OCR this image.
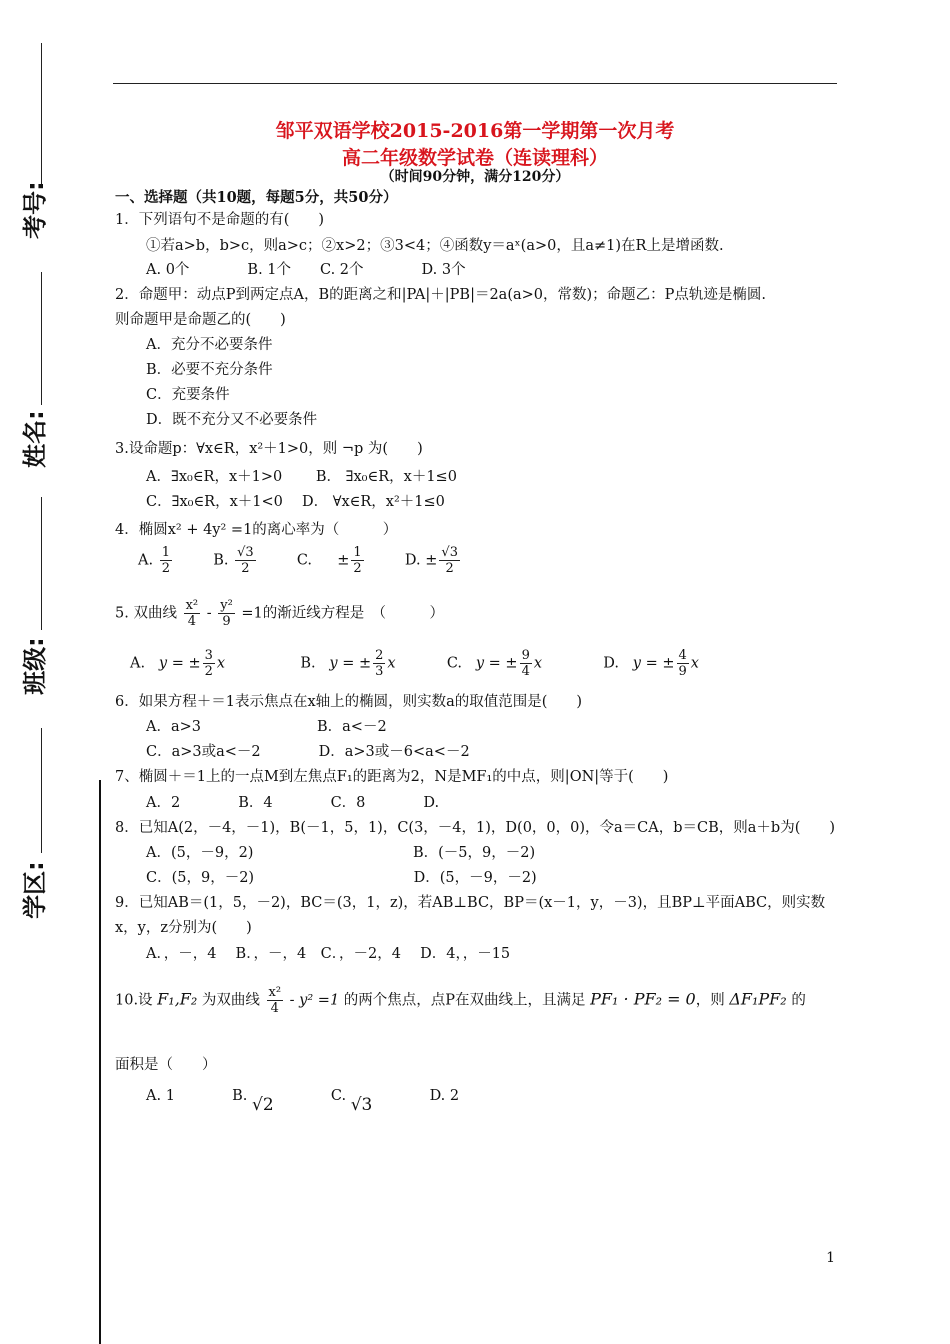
考号:
姓名:
班级:
学区:
邹平双语学校2015-2016第一学期第一次月考
高二年级数学试卷（连读理科）
（时间90分钟，满分120分）
一、选择题（共10题，每题5分，共50分）
1．下列语句不是命题的有(　　)
①若a>b，b>c，则a>c；②x>2；③3<4；④函数y＝aˣ(a>0，且a≠1)在R上是增函数.
A. 0个　　　　B. 1个　　C. 2个　　　　D. 3个
2．命题甲：动点P到两定点A，B的距离之和|PA|＋|PB|＝2a(a>0，常数)；命题乙：P点轨迹是椭圆.
则命题甲是命题乙的(　　)
A．充分不必要条件
B．必要不充分条件
C．充要条件
D．既不充分又不必要条件
3.设命题p：∀x∈R，x²＋1>0，则 ¬p 为(　　)
A．∃x₀∈R，x＋1>0　　 B． ∃x₀∈R，x＋1≤0
C．∃x₀∈R，x＋1<0　 D． ∀x∈R，x²＋1≤0
4．椭圆x² + 4y² =1的离心率为（　　　）
A. $\frac{1}{2}$	B. $\frac{√3}{2}$	C. ± $\frac{1}{2}$	D. ± $\frac{√3}{2}$
5. 双曲线 $\frac{\text{x²}}{4} - \frac{\text{y²}}{9} =1$的渐近线方程是　（　　　）
A. y = ± $\frac{3}{2}$ x	B. y = ± $\frac{2}{3}$ x	C. y = ± $\frac{9}{4}$ x	D. y = ± $\frac{4}{9}$ x
6．如果方程＋＝1表示焦点在x轴上的椭圆，则实数a的取值范围是(　　)
A．a>3　　　　　　　　B．a<－2
C．a>3或a<－2　　　　D．a>3或－6<a<－2
7、椭圆＋＝1上的一点M到左焦点F₁的距离为2，N是MF₁的中点，则|ON|等于(　　)
A．2　　　　B．4　　　　C．8　　　　D.
8．已知A(2，－4，－1)，B(－1，5，1)，C(3，－4，1)，D(0，0，0)，令a＝CA，b＝CB，则a＋b为(　　)
A．(5，－9，2)　　　　　　　　　　　B．(－5，9，－2)
C．(5，9，－2)　　　　　　　　　　　D．(5，－9，－2)
9．已知AB＝(1，5，－2)，BC＝(3，1，z)，若AB⊥BC，BP＝(x－1，y，－3)，且BP⊥平面ABC，则实数
x，y，z分别为(　　)
A．，－，4　 B．，－，4　C．，－2，4　 D．4，，－15
10.设 F₁,F₂ 为双曲线 $\frac{\text{x²}}{4} - y^2 =1$ 的两个焦点，点P在双曲线上，且满足 PF₁ · PF₂ = 0，则 ΔF₁PF₂ 的
面积是（　　）
A. 1	B. √2	C. √3	D. 2
1
